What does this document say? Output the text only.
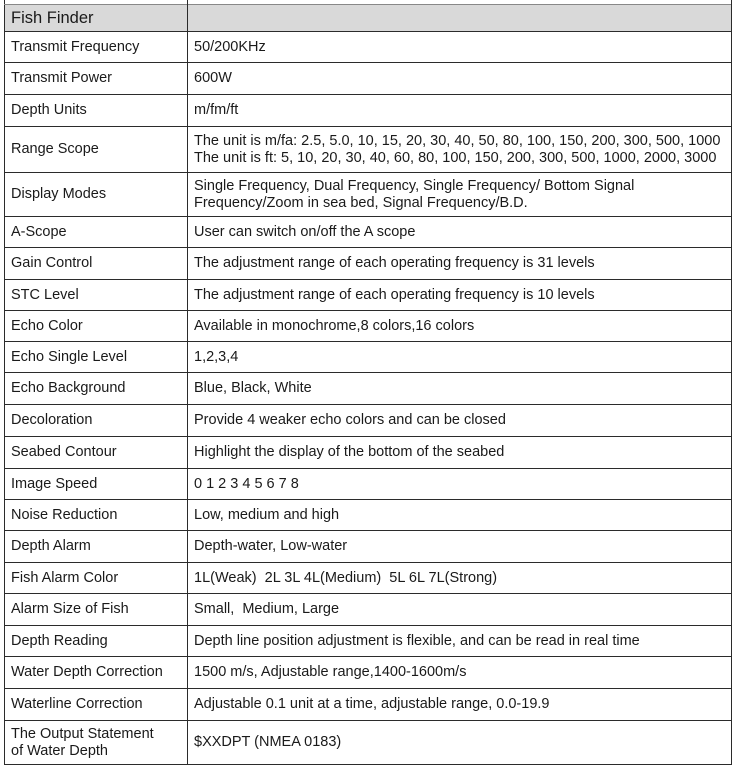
Fish Finder	
Transmit Frequency	50/200KHz
Transmit Power	600W
Depth Units	m/fm/ft
Range Scope	The unit is m/fa: 2.5, 5.0, 10, 15, 20, 30, 40, 50, 80, 100, 150, 200, 300, 500, 1000
The unit is ft: 5, 10, 20, 30, 40, 60, 80, 100, 150, 200, 300, 500, 1000, 2000, 3000

Display Modes	Single Frequency, Dual Frequency, Single Frequency/ Bottom Signal
Frequency/Zoom in sea bed, Signal Frequency/B.D.

A-Scope	User can switch on/off the A scope
Gain Control	The adjustment range of each operating frequency is 31 levels
STC Level	The adjustment range of each operating frequency is 10 levels
Echo Color	Available in monochrome,8 colors,16 colors
Echo Single Level	1,2,3,4
Echo Background	Blue, Black, White
Decoloration	Provide 4 weaker echo colors and can be closed
Seabed Contour	Highlight the display of the bottom of the seabed
Image Speed	0 1 2 3 4 5 6 7 8
Noise Reduction	Low, medium and high
Depth Alarm	Depth-water, Low-water
Fish Alarm Color	1L(Weak)  2L 3L 4L(Medium)  5L 6L 7L(Strong)
Alarm Size of Fish	Small,  Medium, Large
Depth Reading	Depth line position adjustment is flexible, and can be read in real time
Water Depth Correction	1500 m/s, Adjustable range,1400-1600m/s
Waterline Correction	Adjustable 0.1 unit at a time, adjustable range, 0.0-19.9

The Output Statement
of Water Depth	$XXDPT (NMEA 0183)
